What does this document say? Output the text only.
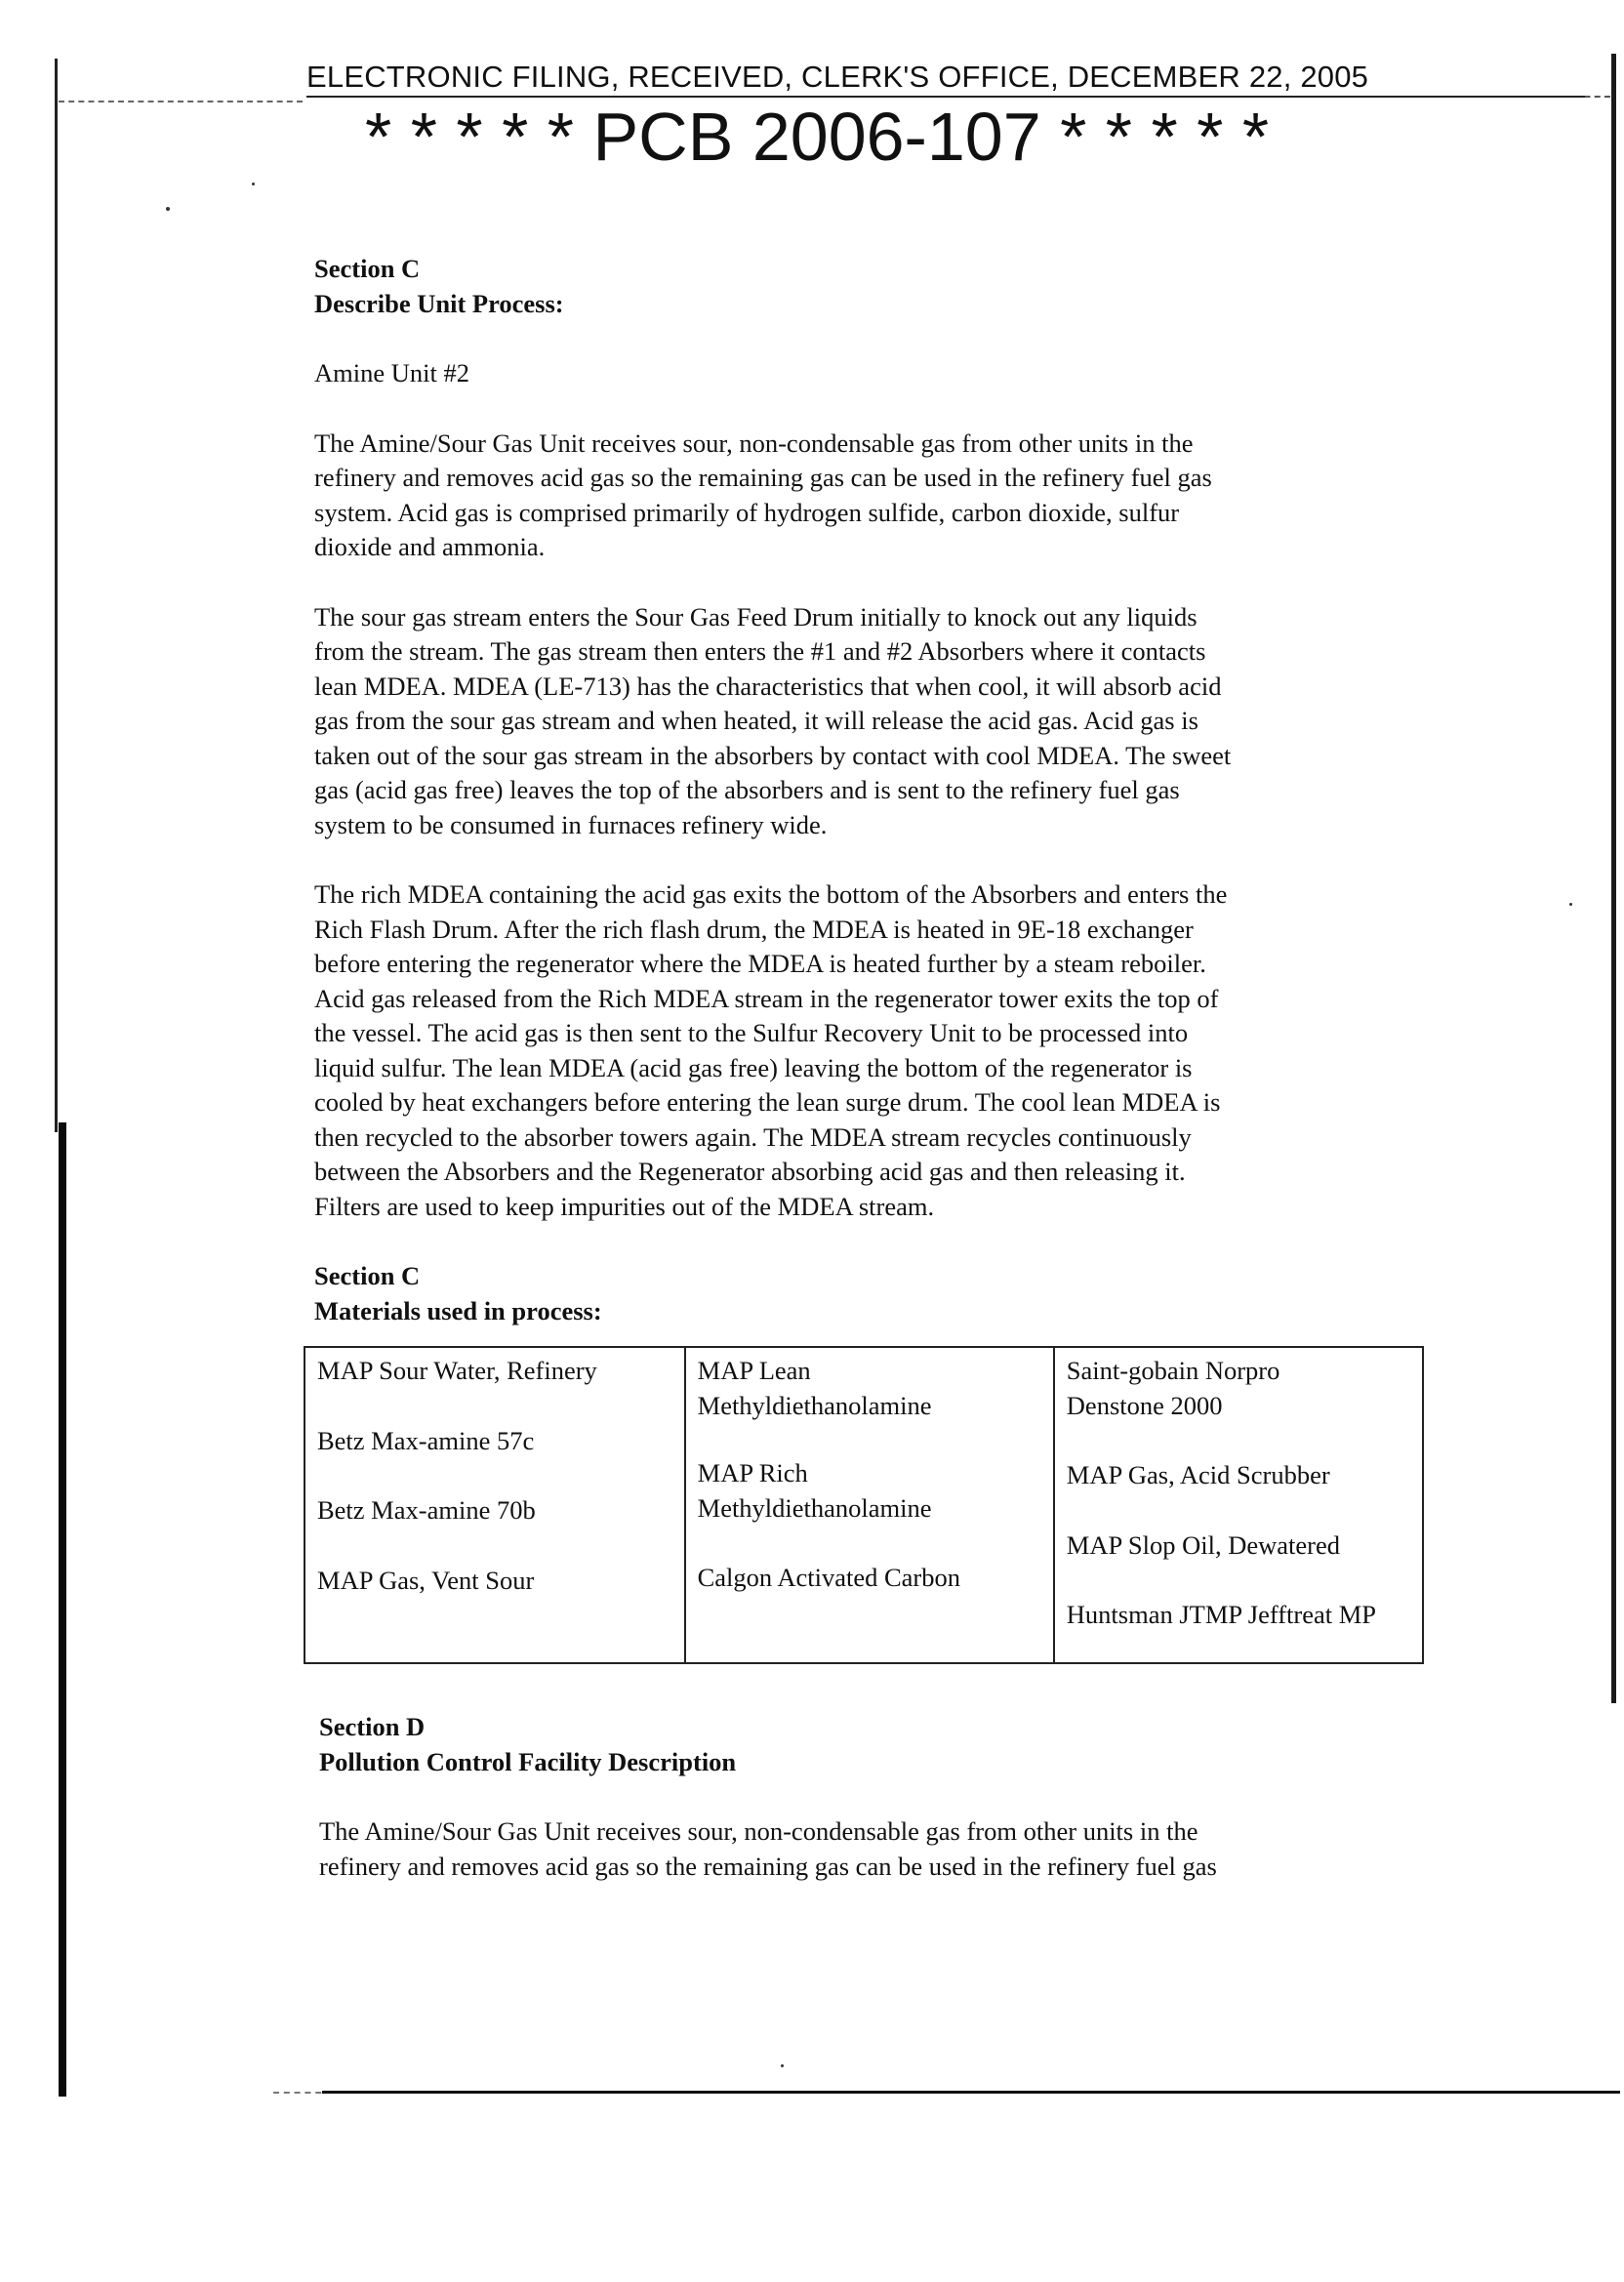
ELECTRONIC FILING, RECEIVED, CLERK'S OFFICE, DECEMBER 22, 2005
* * * * * PCB 2006-107 * * * * *

Section C

Describe Unit Process:

Amine Unit #2

The Amine/Sour Gas Unit receives sour, non-condensable gas from other units in the
refinery and removes acid gas so the remaining gas can be used in the refinery fuel gas
system. Acid gas is comprised primarily of hydrogen sulfide, carbon dioxide, sulfur
dioxide and ammonia.

The sour gas stream enters the Sour Gas Feed Drum initially to knock out any liquids
from the stream. The gas stream then enters the #1 and #2 Absorbers where it contacts
lean MDEA. MDEA (LE-713) has the characteristics that when cool, it will absorb acid
gas from the sour gas stream and when heated, it will release the acid gas. Acid gas is
taken out of the sour gas stream in the absorbers by contact with cool MDEA. The sweet
gas (acid gas free) leaves the top of the absorbers and is sent to the refinery fuel gas
system to be consumed in furnaces refinery wide.

The rich MDEA containing the acid gas exits the bottom of the Absorbers and enters the
Rich Flash Drum. After the rich flash drum, the MDEA is heated in 9E-18 exchanger
before entering the regenerator where the MDEA is heated further by a steam reboiler.
Acid gas released from the Rich MDEA stream in the regenerator tower exits the top of
the vessel. The acid gas is then sent to the Sulfur Recovery Unit to be processed into
liquid sulfur. The lean MDEA (acid gas free) leaving the bottom of the regenerator is
cooled by heat exchangers before entering the lean surge drum. The cool lean MDEA is
then recycled to the absorber towers again. The MDEA stream recycles continuously
between the Absorbers and the Regenerator absorbing acid gas and then releasing it.
Filters are used to keep impurities out of the MDEA stream.

Section C

Materials used in process:

MAP Sour Water, Refinery
Betz Max-amine 57c
Betz Max-amine 70b
MAP Gas, Vent Sour

MAP Lean Methyldiethanolamine
MAP Rich Methyldiethanolamine
Calgon Activated Carbon

Saint-gobain Norpro Denstone 2000
MAP Gas, Acid Scrubber
MAP Slop Oil, Dewatered
Huntsman JTMP Jefftreat MP

Section D

Pollution Control Facility Description

The Amine/Sour Gas Unit receives sour, non-condensable gas from other units in the
refinery and removes acid gas so the remaining gas can be used in the refinery fuel gas
